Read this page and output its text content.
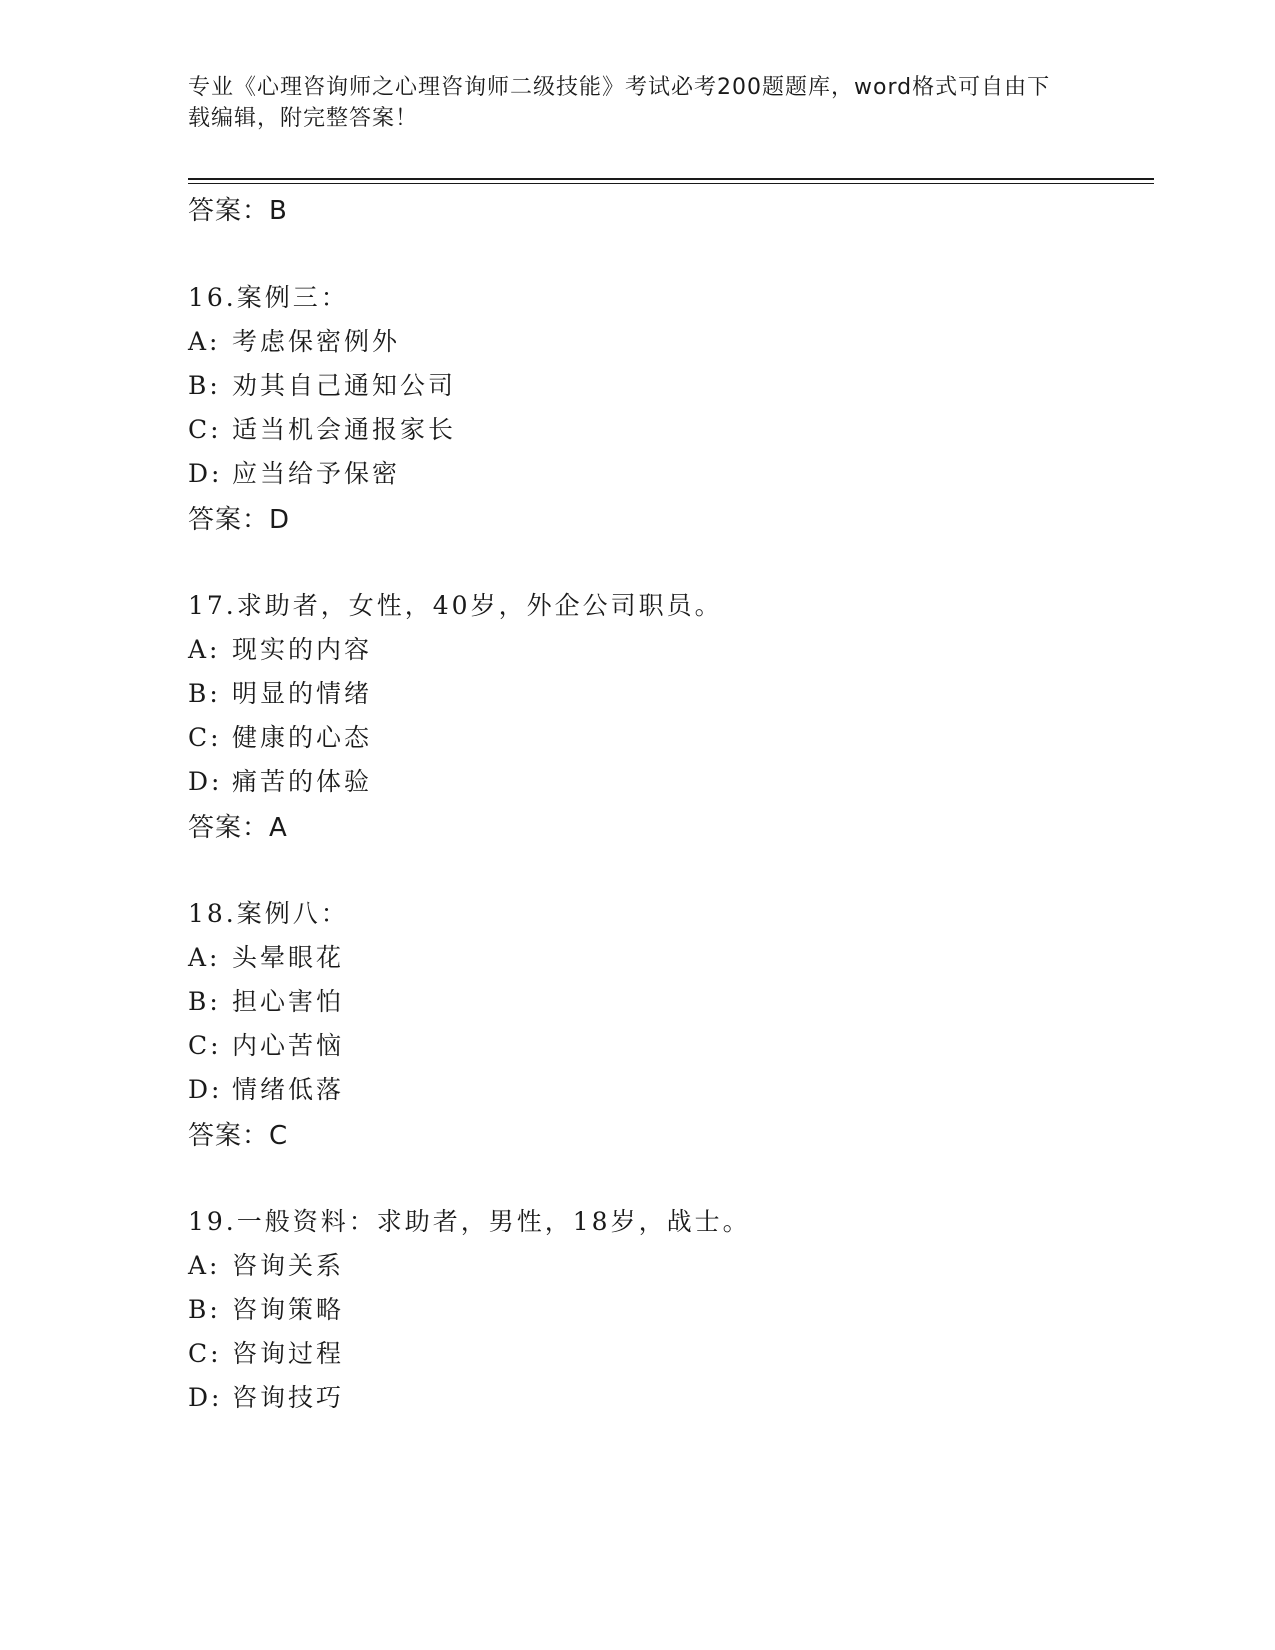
专业《心理咨询师之心理咨询师二级技能》考试必考200题题库，word格式可自由下载编辑，附完整答案！
答案：B
16.案例三：
A: 考虑保密例外
B: 劝其自己通知公司
C: 适当机会通报家长
D: 应当给予保密
答案：D
17.求助者，女性，40岁，外企公司职员。
A: 现实的内容
B: 明显的情绪
C: 健康的心态
D: 痛苦的体验
答案：A
18.案例八：
A: 头晕眼花
B: 担心害怕
C: 内心苦恼
D: 情绪低落
答案：C
19.一般资料：求助者，男性，18岁，战士。
A: 咨询关系
B: 咨询策略
C: 咨询过程
D: 咨询技巧
